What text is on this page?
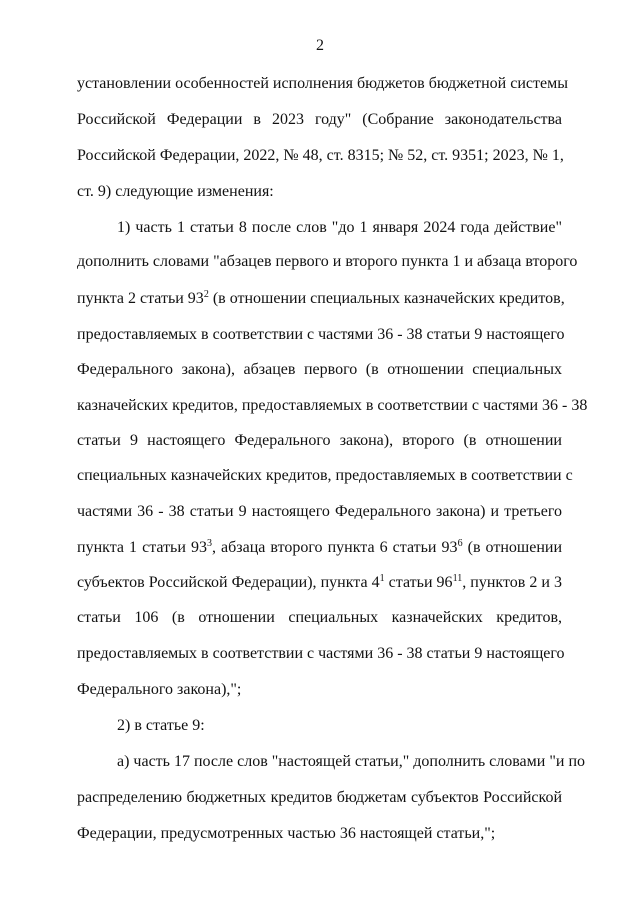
2
установлении особенностей исполнения бюджетов бюджетной системы
Российской Федерации в 2023 году" (Собрание законодательства
Российской Федерации, 2022, № 48, ст. 8315; № 52, ст. 9351; 2023, № 1,
ст. 9) следующие изменения:
1) часть 1 статьи 8 после слов "до 1 января 2024 года действие"
дополнить словами "абзацев первого и второго пункта 1 и абзаца второго
пункта 2 статьи $93^2$ (в отношении специальных казначейских кредитов,
предоставляемых в соответствии с частями 36 - 38 статьи 9 настоящего
Федерального закона), абзацев первого (в отношении специальных
казначейских кредитов, предоставляемых в соответствии с частями 36 - 38
статьи 9 настоящего Федерального закона), второго (в отношении
специальных казначейских кредитов, предоставляемых в соответствии с
частями 36 - 38 статьи 9 настоящего Федерального закона) и третьего
пункта 1 статьи $93^3$, абзаца второго пункта 6 статьи $93^6$ (в отношении
субъектов Российской Федерации), пункта $4^1$ статьи $96^{11}$, пунктов 2 и 3
статьи 106 (в отношении специальных казначейских кредитов,
предоставляемых в соответствии с частями 36 - 38 статьи 9 настоящего
Федерального закона),";
2) в статье 9:
а) часть 17 после слов "настоящей статьи," дополнить словами "и по
распределению бюджетных кредитов бюджетам субъектов Российской
Федерации, предусмотренных частью 36 настоящей статьи,";
